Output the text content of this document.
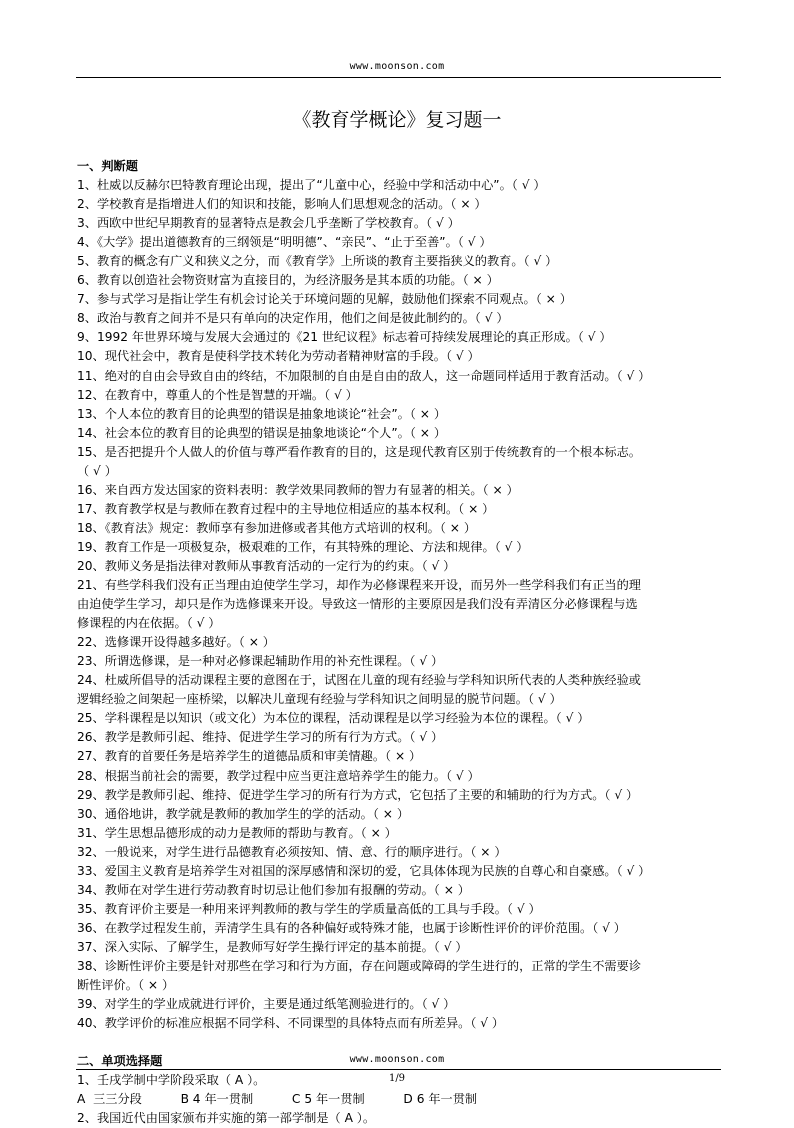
www.moonson.com
《教育学概论》复习题一
一、判断题
1、杜威以反赫尔巴特教育理论出现，提出了“儿童中心，经验中学和活动中心”。（ √ ）
2、学校教育是指增进人们的知识和技能，影响人们思想观念的活动。（ × ）
3、西欧中世纪早期教育的显著特点是教会几乎垄断了学校教育。（ √ ）
4、《大学》提出道德教育的三纲领是“明明德”、“亲民”、“止于至善”。（ √ ）
5、教育的概念有广义和狭义之分，而《教育学》上所谈的教育主要指狭义的教育。（ √ ）
6、教育以创造社会物资财富为直接目的，为经济服务是其本质的功能。（ × ）
7、参与式学习是指让学生有机会讨论关于环境问题的见解，鼓励他们探索不同观点。（ × ）
8、政治与教育之间并不是只有单向的决定作用，他们之间是彼此制约的。（ √ ）
9、1992 年世界环境与发展大会通过的《21 世纪议程》标志着可持续发展理论的真正形成。（ √ ）
10、现代社会中，教育是使科学技术转化为劳动者精神财富的手段。（ √ ）
11、绝对的自由会导致自由的终结，不加限制的自由是自由的敌人，这一命题同样适用于教育活动。（ √ ）
12、在教育中，尊重人的个性是智慧的开端。（ √ ）
13、个人本位的教育目的论典型的错误是抽象地谈论“社会”。（ × ）
14、社会本位的教育目的论典型的错误是抽象地谈论“个人”。（ × ）
15、是否把提升个人做人的价值与尊严看作教育的目的，这是现代教育区别于传统教育的一个根本标志。
（ √ ）
16、来自西方发达国家的资料表明：教学效果同教师的智力有显著的相关。（ × ）
17、教育教学权是与教师在教育过程中的主导地位相适应的基本权利。（ × ）
18、《教育法》规定：教师享有参加进修或者其他方式培训的权利。（ × ）
19、教育工作是一项极复杂，极艰难的工作，有其特殊的理论、方法和规律。（ √ ）
20、教师义务是指法律对教师从事教育活动的一定行为的约束。（ √ ）
21、有些学科我们没有正当理由迫使学生学习，却作为必修课程来开设，而另外一些学科我们有正当的理
由迫使学生学习，却只是作为选修课来开设。导致这一情形的主要原因是我们没有弄清区分必修课程与选
修课程的内在依据。（ √ ）
22、选修课开设得越多越好。（ × ）
23、所谓选修课，是一种对必修课起辅助作用的补充性课程。（ √ ）
24、杜威所倡导的活动课程主要的意图在于，试图在儿童的现有经验与学科知识所代表的人类种族经验或
逻辑经验之间架起一座桥梁，以解决儿童现有经验与学科知识之间明显的脱节问题。（ √ ）
25、学科课程是以知识（或文化）为本位的课程，活动课程是以学习经验为本位的课程。（ √ ）
26、教学是教师引起、维持、促进学生学习的所有行为方式。（ √ ）
27、教育的首要任务是培养学生的道德品质和审美情趣。（ × ）
28、根据当前社会的需要，教学过程中应当更注意培养学生的能力。（ √ ）
29、教学是教师引起、维持、促进学生学习的所有行为方式，它包括了主要的和辅助的行为方式。（ √ ）
30、通俗地讲，教学就是教师的教加学生的学的活动。（ × ）
31、学生思想品德形成的动力是教师的帮助与教育。（ × ）
32、一般说来，对学生进行品德教育必须按知、情、意、行的顺序进行。（ × ）
33、爱国主义教育是培养学生对祖国的深厚感情和深切的爱，它具体体现为民族的自尊心和自豪感。（ √ ）
34、教师在对学生进行劳动教育时切忌让他们参加有报酬的劳动。（ × ）
35、教育评价主要是一种用来评判教师的教与学生的学质量高低的工具与手段。（ √ ）
36、在教学过程发生前，弄清学生具有的各种偏好或特殊才能，也属于诊断性评价的评价范围。（ √ ）
37、深入实际、了解学生，是教师写好学生操行评定的基本前提。（ √ ）
38、诊断性评价主要是针对那些在学习和行为方面，存在问题或障碍的学生进行的，正常的学生不需要诊
断性评价。（ × ）
39、对学生的学业成就进行评价，主要是通过纸笔测验进行的。（ √ ）
40、教学评价的标准应根据不同学科、不同课型的具体特点而有所差异。（ √ ）
二、单项选择题
1、壬戌学制中学阶段采取（ A ）。
A  三三分段          B 4 年一贯制          C 5 年一贯制          D 6 年一贯制
2、我国近代由国家颁布并实施的第一部学制是（ A ）。
www.moonson.com
1/9
